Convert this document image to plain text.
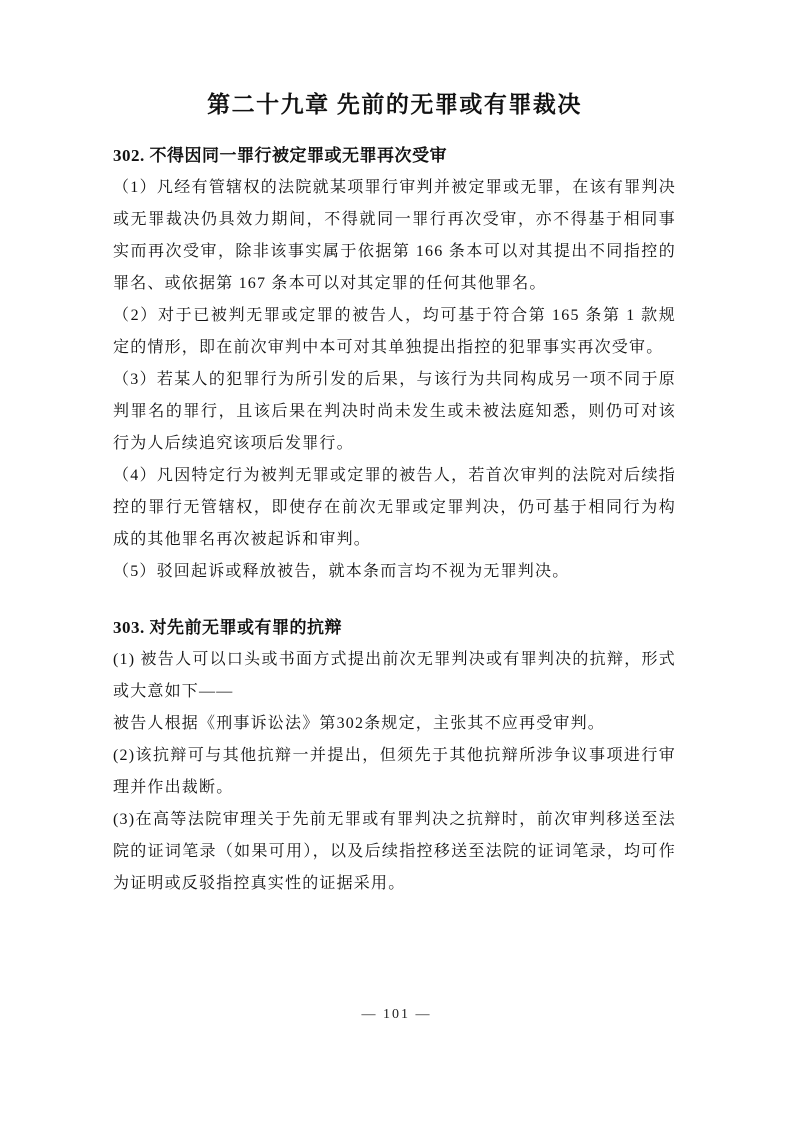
第二十九章 先前的无罪或有罪裁决
302. 不得因同一罪行被定罪或无罪再次受审

（1）凡经有管辖权的法院就某项罪行审判并被定罪或无罪，在该有罪判决或无罪裁决仍具效力期间，不得就同一罪行再次受审，亦不得基于相同事实而再次受审，除非该事实属于依据第 166 条本可以对其提出不同指控的罪名、或依据第 167 条本可以对其定罪的任何其他罪名。

（2）对于已被判无罪或定罪的被告人，均可基于符合第 165 条第 1 款规定的情形，即在前次审判中本可对其单独提出指控的犯罪事实再次受审。

（3）若某人的犯罪行为所引发的后果，与该行为共同构成另一项不同于原判罪名的罪行，且该后果在判决时尚未发生或未被法庭知悉，则仍可对该行为人后续追究该项后发罪行。

（4）凡因特定行为被判无罪或定罪的被告人，若首次审判的法院对后续指控的罪行无管辖权，即使存在前次无罪或定罪判决，仍可基于相同行为构成的其他罪名再次被起诉和审判。

（5）驳回起诉或释放被告，就本条而言均不视为无罪判决。

303. 对先前无罪或有罪的抗辩

(1) 被告人可以口头或书面方式提出前次无罪判决或有罪判决的抗辩，形式或大意如下——

被告人根据《刑事诉讼法》第302条规定，主张其不应再受审判。

(2)该抗辩可与其他抗辩一并提出，但须先于其他抗辩所涉争议事项进行审理并作出裁断。

(3)在高等法院审理关于先前无罪或有罪判决之抗辩时，前次审判移送至法院的证词笔录（如果可用），以及后续指控移送至法院的证词笔录，均可作为证明或反驳指控真实性的证据采用。

— 101 —
